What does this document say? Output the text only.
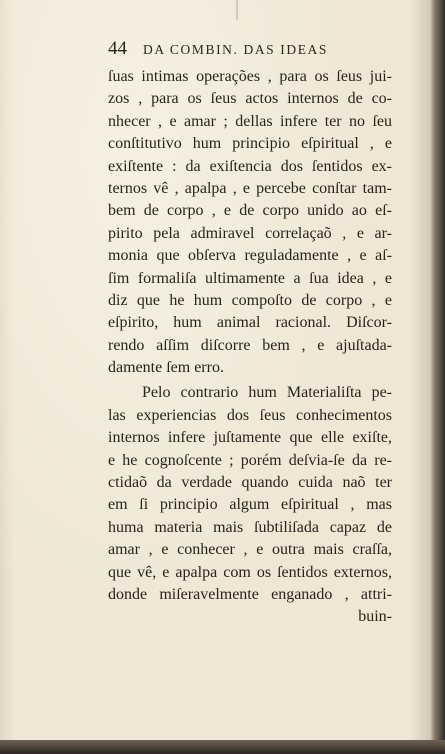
44 DA COMBIN. DAS IDEAS
ſuas intimas operações , para os ſeus jui-
zos , para os ſeus actos internos de co-
nhecer , e amar ; dellas infere ter no ſeu
conſtitutivo hum principio eſpiritual , e
exiſtente : da exiſtencia dos ſentidos ex-
ternos vê , apalpa , e percebe conſtar tam-
bem de corpo , e de corpo unido ao eſ-
pirito pela admiravel correlaçaõ , e ar-
monia que obſerva reguladamente , e aſ-
ſim formaliſa ultimamente a ſua idea , e
diz que he hum compoſto de corpo , e
eſpirito, hum animal racional. Diſcor-
rendo aſſim diſcorre bem , e ajuſtada-
damente ſem erro.
Pelo contrario hum Materialiſta pe-
las experiencias dos ſeus conhecimentos
internos infere juſtamente que elle exiſte,
e he cognoſcente ; porém deſvia-ſe da re-
ctidaõ da verdade quando cuida naõ ter
em ſi principio algum eſpiritual , mas
huma materia mais ſubtiliſada capaz de
amar , e conhecer , e outra mais craſſa,
que vê, e apalpa com os ſentidos externos,
donde miſeravelmente enganado , attri-
buin-
